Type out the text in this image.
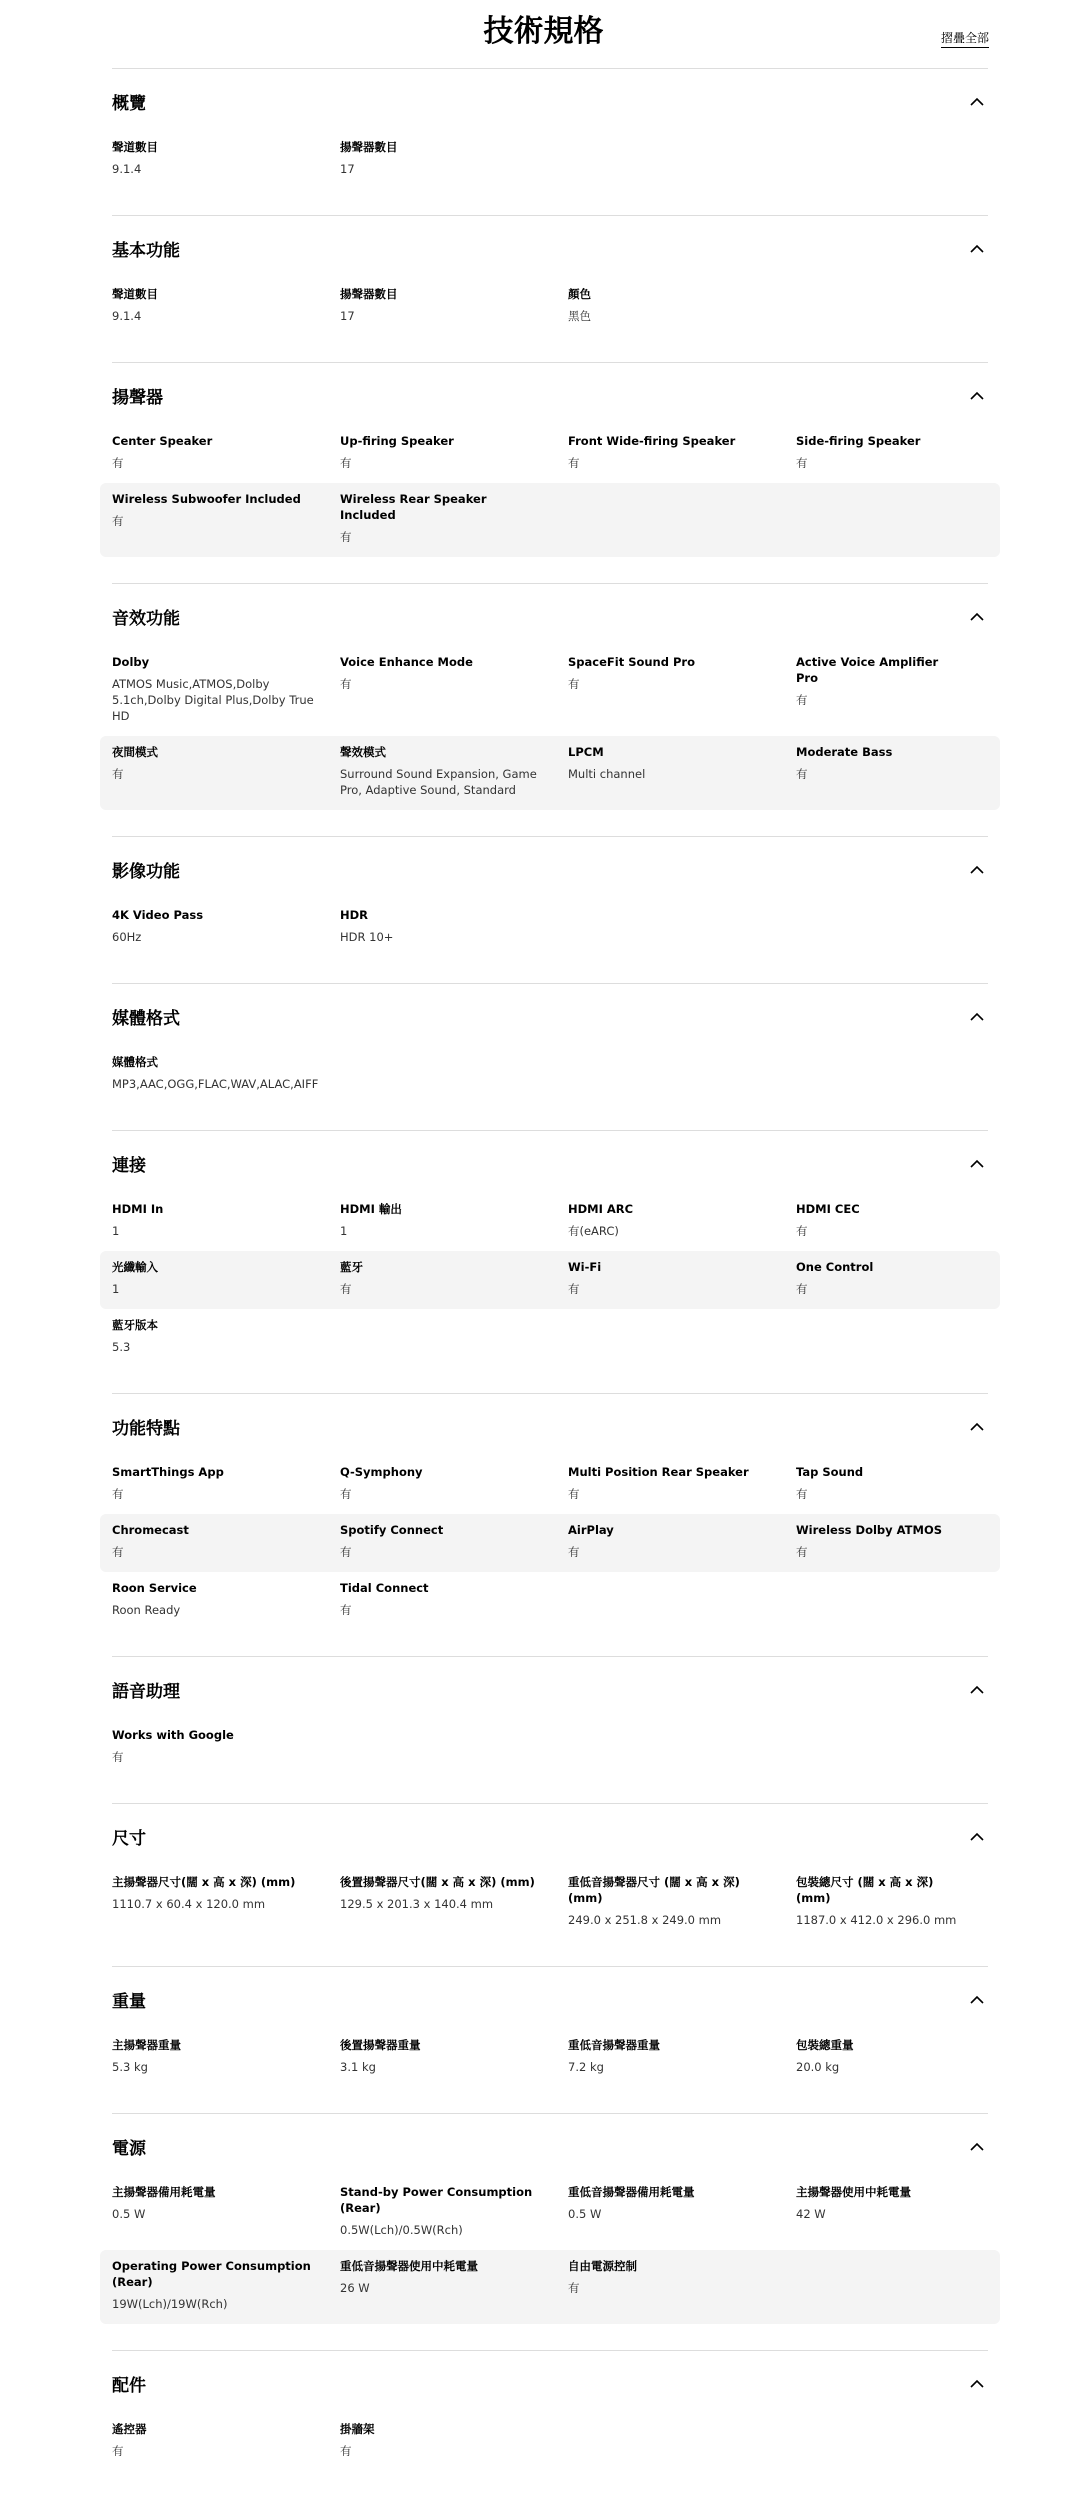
技術規格	摺疊全部
概覽
聲道數目
9.1.4
揚聲器數目
17
基本功能
聲道數目
9.1.4
揚聲器數目
17
顏色
黑色
揚聲器
Center Speaker
有
Up-firing Speaker
有
Front Wide-firing Speaker
有
Side-firing Speaker
有
Wireless Subwoofer Included
有
Wireless Rear Speaker Included
有
音效功能
Dolby
ATMOS Music,ATMOS,Dolby 5.1ch,Dolby Digital Plus,Dolby True HD
Voice Enhance Mode
有
SpaceFit Sound Pro
有
Active Voice Amplifier Pro
有
夜間模式
有
聲效模式
Surround Sound Expansion, Game Pro, Adaptive Sound, Standard
LPCM
Multi channel
Moderate Bass
有
影像功能
4K Video Pass
60Hz
HDR
HDR 10+
媒體格式
媒體格式
MP3,AAC,OGG,FLAC,WAV,ALAC,AIFF
連接
HDMI In
1
HDMI 輸出
1
HDMI ARC
有(eARC)
HDMI CEC
有
光纖輸入
1
藍牙
有
Wi-Fi
有
One Control
有
藍牙版本
5.3
功能特點
SmartThings App
有
Q-Symphony
有
Multi Position Rear Speaker
有
Tap Sound
有
Chromecast
有
Spotify Connect
有
AirPlay
有
Wireless Dolby ATMOS
有
Roon Service
Roon Ready
Tidal Connect
有
語音助理
Works with Google
有
尺寸
主揚聲器尺寸(闊 x 高 x 深) (mm)
1110.7 x 60.4 x 120.0 mm
後置揚聲器尺寸(闊 x 高 x 深) (mm)
129.5 x 201.3 x 140.4 mm
重低音揚聲器尺寸 (闊 x 高 x 深) (mm)
249.0 x 251.8 x 249.0 mm
包裝總尺寸 (闊 x 高 x 深) (mm)
1187.0 x 412.0 x 296.0 mm
重量
主揚聲器重量
5.3 kg
後置揚聲器重量
3.1 kg
重低音揚聲器重量
7.2 kg
包裝總重量
20.0 kg
電源
主揚聲器備用耗電量
0.5 W
Stand-by Power Consumption (Rear)
0.5W(Lch)/0.5W(Rch)
重低音揚聲器備用耗電量
0.5 W
主揚聲器使用中耗電量
42 W
Operating Power Consumption (Rear)
19W(Lch)/19W(Rch)
重低音揚聲器使用中耗電量
26 W
自由電源控制
有
配件
遙控器
有
掛牆架
有
